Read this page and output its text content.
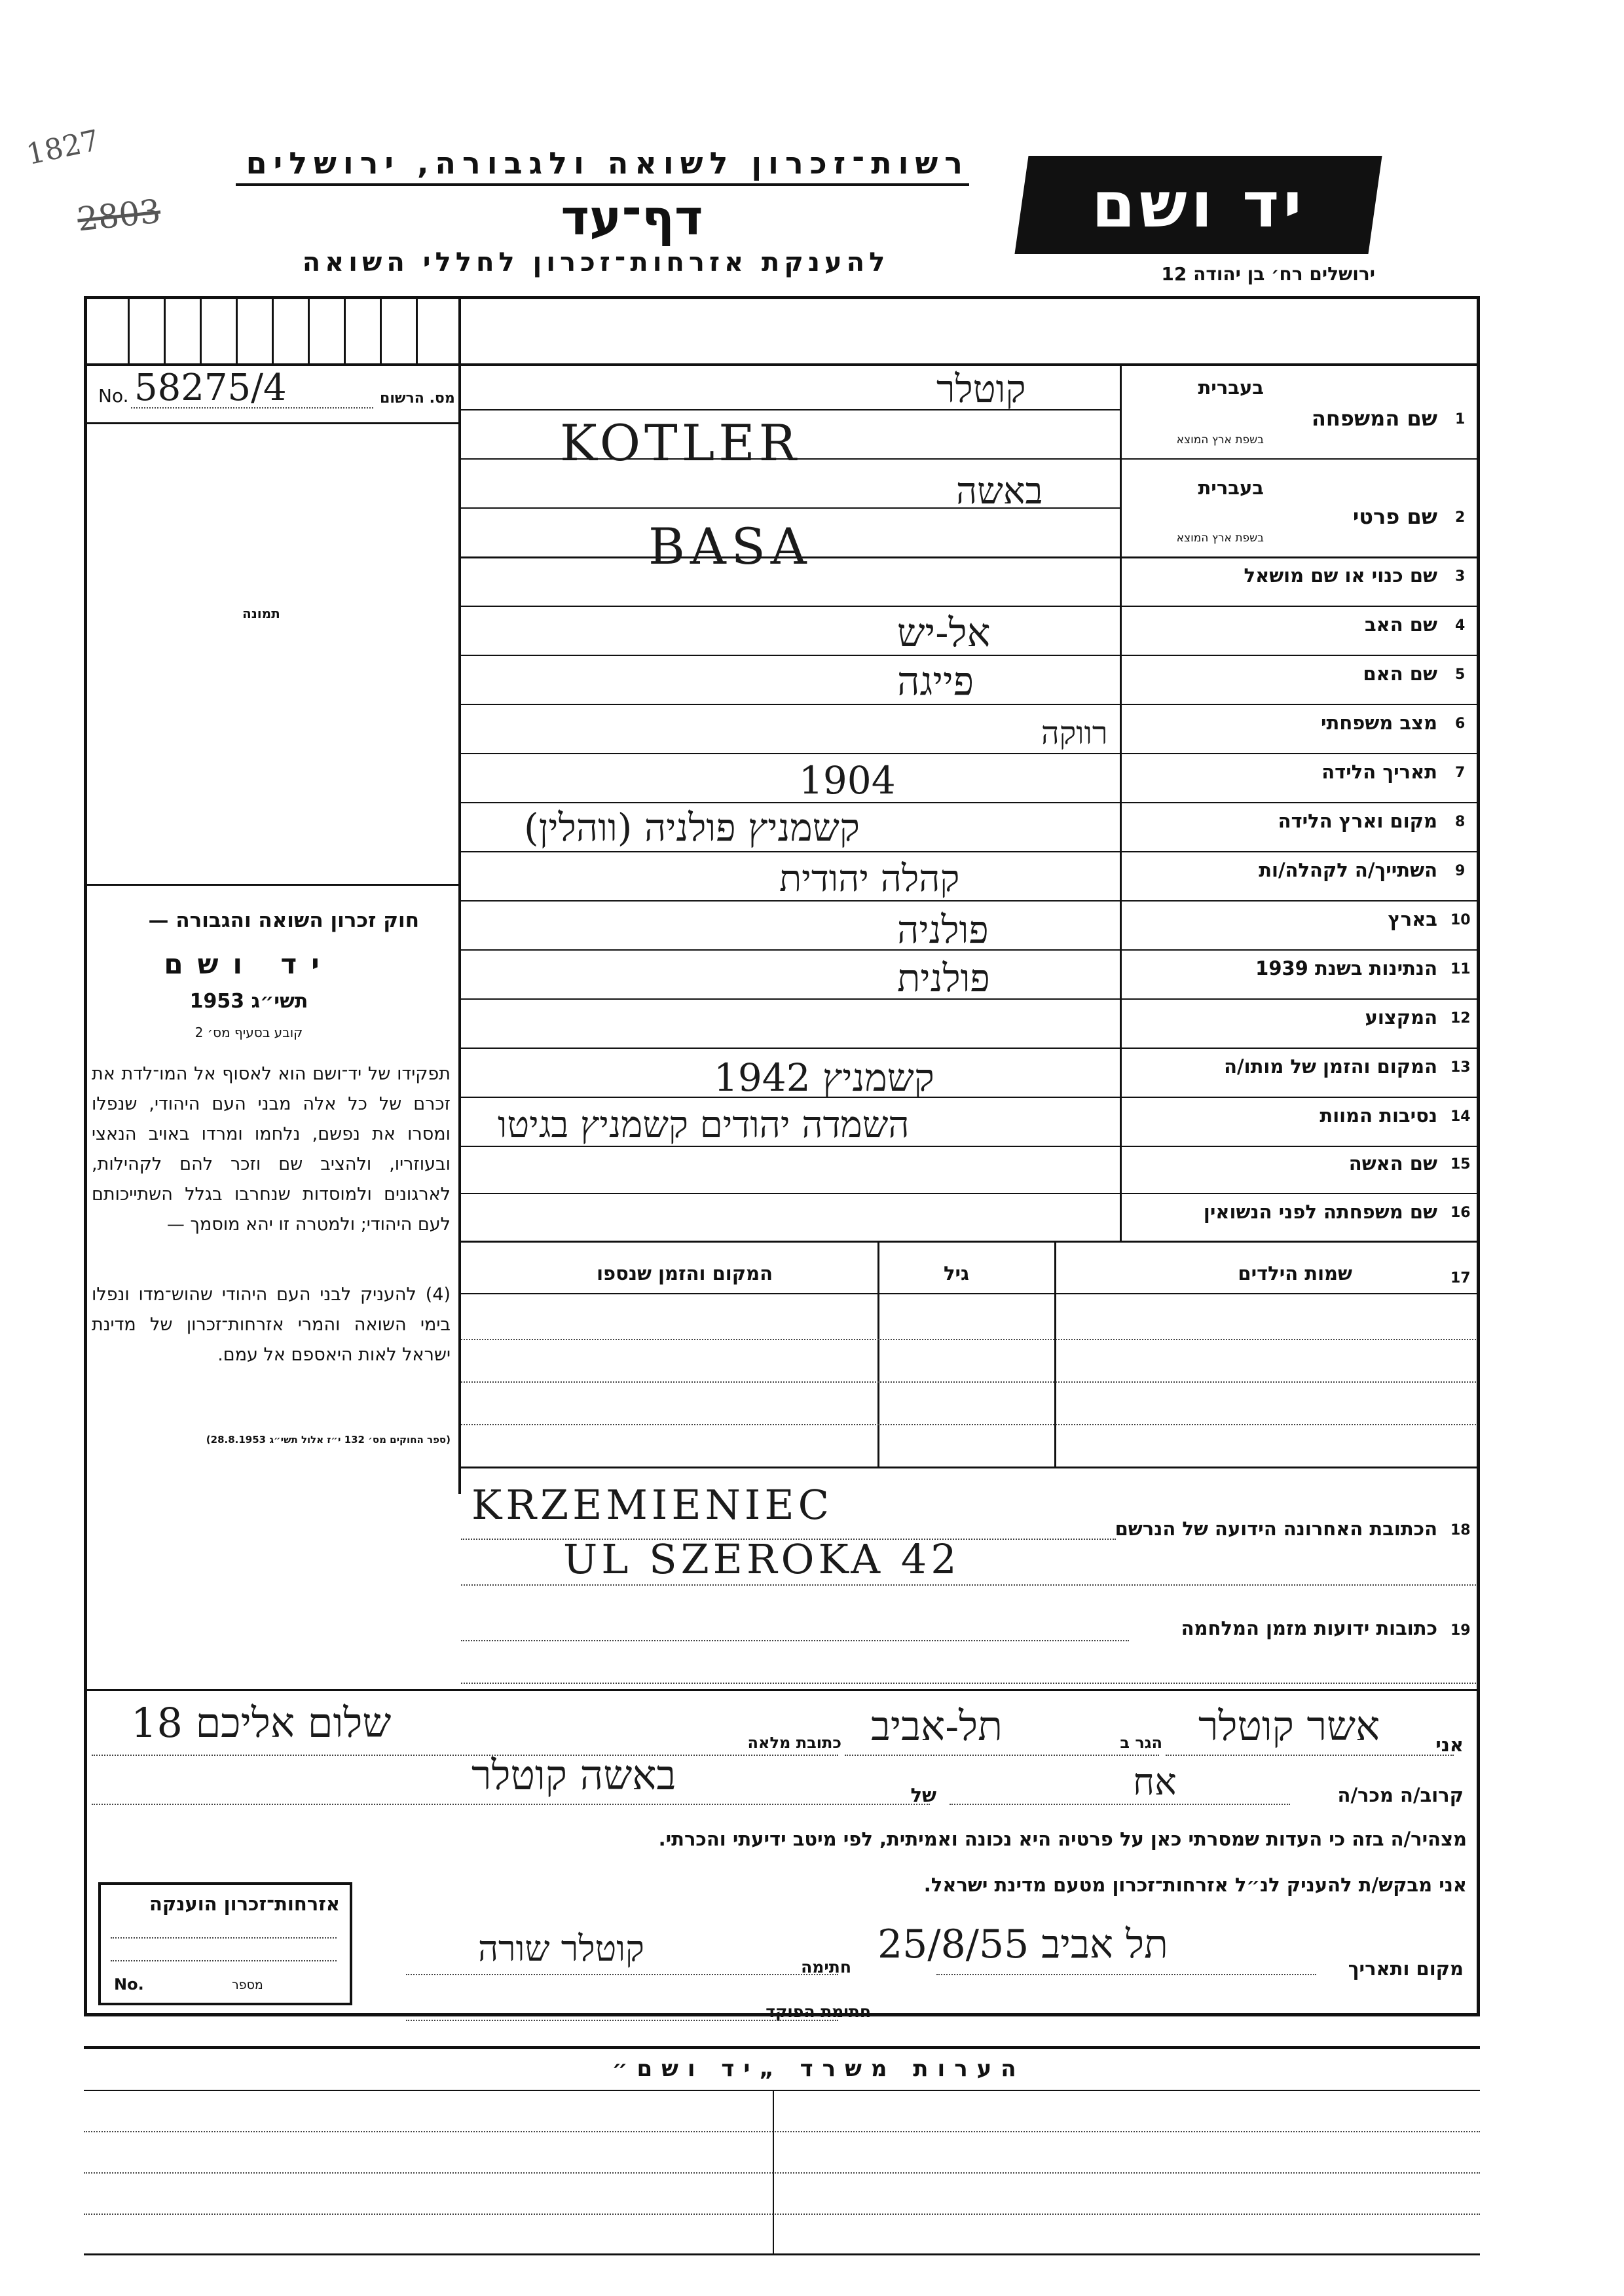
1827
2803
רשות־זכרון לשואה ולגבורה, ירושלים
דף־עד
להענקת אזרחות־זכרון לחללי השואה
יד ושם
ירושלים רח׳ בן יהודה 12
No. 58275/4	מס. הרשום
תמונה
חוק זכרון השואה והגבורה —
יד ושם
תשי״ג 1953
קובע בסעיף מס׳ 2
תפקידו של יד־ושם הוא לאסוף אל המו־לדת את זכרם של כל אלה מבני העם היהודי, שנפלו ומסרו את נפשם, נלחמו ומרדו באויב הנאצי ובעוזריו, ולהציב שם וזכר להם לקהילות, לארגונים ולמוסדות שנחרבו בגלל השתייכותם לעם היהודי; ולמטרה זו יהא מוסמך —
(4) להעניק לבני העם היהודי שהוש־מדו ונפלו בימי השואה והמרי אזרחות־זכרון של מדינת ישראל לאות היאספם אל עמם.
(ספר החוקים מס׳ 132 י״ז אלול תשי״ג 28.8.1953)
1
בעברית
שם המשפחה
בשפת ארץ המוצא
2
בעברית
שם פרטי
בשפת ארץ המוצא
3
שם כנוי או שם מושאל
4
שם האב
5
שם האם
6
מצב משפחתי
7
תאריך הלידה
8
מקום וארץ הלידה
9
השתייך/ה לקהלה/ות
10
בארץ
11
הנתינות בשנת 1939
12
המקצוע
13
המקום והזמן של מותו/ה
14
נסיבות המוות
15
שם האשה
16
שם משפחתה לפני הנשואין
קוטלר
KOTLER
באשה
BASA
אל-יש
פייגה
רווקה
1904
קשמניץ פולניה (ווהלין)
קהלה יהודית
פולניה
פולנית
קשמניץ 1942
השמדה יהודים קשמניץ בגיטו
17
שמות הילדים
גיל
המקום והזמן שנספו
18
הכתובת האחרונה הידועה של הנרשם
KRZEMIENIEC
UL SZEROKA 42
19
כתובות ידועות מזמן המלחמה
אני
אשר קוטלר
הגר ב
תל-אביב
כתובת מלאה
שלום אליכם 18
קרוב/ה מכר/ה
אח
של
באשה קוטלר
מצהיר/ה בזה כי העדות שמסרתי כאן על פרטיה היא נכונה ואמיתית, לפי מיטב ידיעתי והכרתי.
אני מבקש/ת להעניק לנ״ל אזרחות־זכרון מטעם מדינת ישראל.
מקום ותאריך
תל אביב 25/8/55
חתימה
קוטלר שורה
חתימת הפוקד
אזרחות־זכרון הוענקה
No.	מספר
הערות משרד „יד ושם״
